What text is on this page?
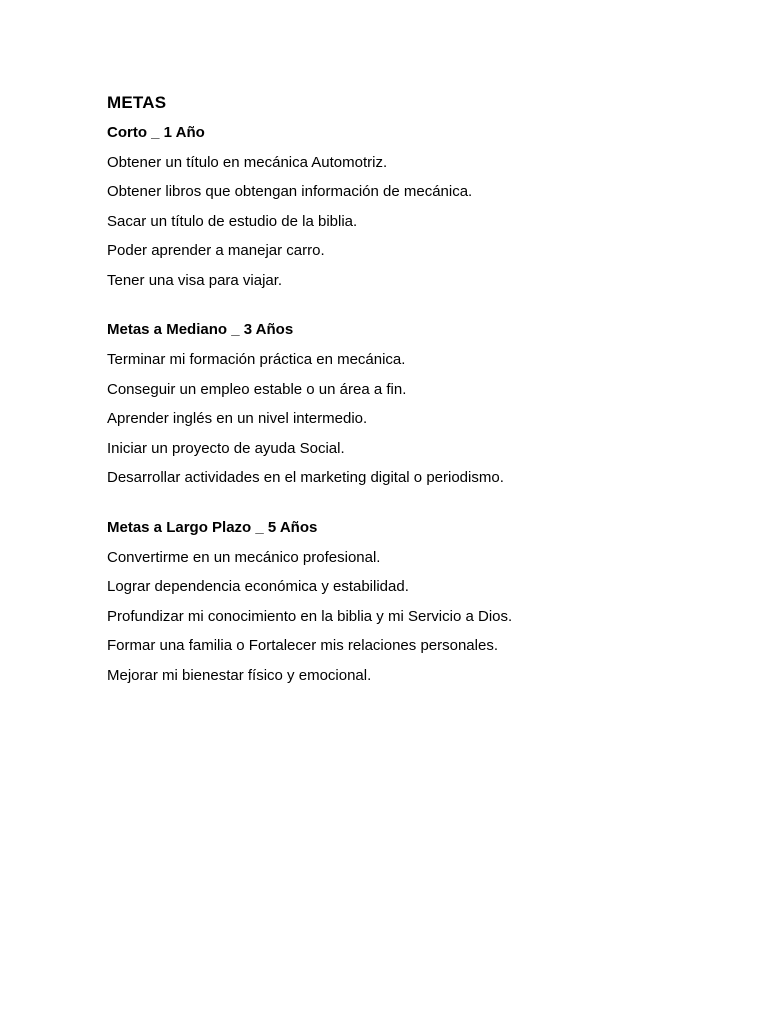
METAS
Corto _ 1 Año
Obtener un título en mecánica Automotriz.
Obtener libros que obtengan información de mecánica.
Sacar un título de estudio de la biblia.
Poder aprender a manejar carro.
Tener una visa para viajar.
Metas a Mediano _ 3 Años
Terminar mi formación práctica en mecánica.
Conseguir un empleo estable o un área a fin.
Aprender inglés en un nivel intermedio.
Iniciar un proyecto de ayuda Social.
Desarrollar actividades en el marketing digital o periodismo.
Metas a Largo Plazo _ 5 Años
Convertirme en un mecánico profesional.
Lograr dependencia económica y estabilidad.
Profundizar mi conocimiento en la biblia y mi Servicio a Dios.
Formar una familia o Fortalecer mis relaciones personales.
Mejorar mi bienestar físico y emocional.
